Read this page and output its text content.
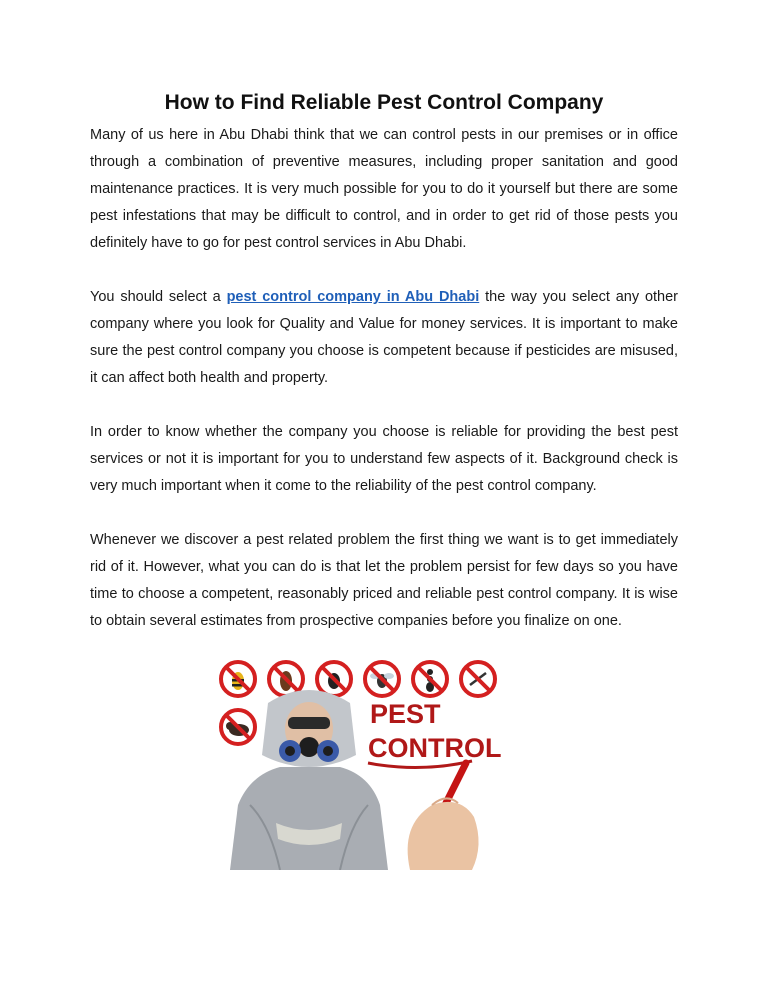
How to Find Reliable Pest Control Company

Many of us here in Abu Dhabi think that we can control pests in our premises or in office through a combination of preventive measures, including proper sanitation and good maintenance practices. It is very much possible for you to do it yourself but there are some pest infestations that may be difficult to control, and in order to get rid of those pests you definitely have to go for pest control services in Abu Dhabi.

You should select a pest control company in Abu Dhabi the way you select any other company where you look for Quality and Value for money services. It is important to make sure the pest control company you choose is competent because if pesticides are misused, it can affect both health and property.

In order to know whether the company you choose is reliable for providing the best pest services or not it is important for you to understand few aspects of it. Background check is very much important when it come to the reliability of the pest control company.

Whenever we discover a pest related problem the first thing we want is to get immediately rid of it. However, what you can do is that let the problem persist for few days so you have time to choose a competent, reasonably priced and reliable pest control company. It is wise to obtain several estimates from prospective companies before you finalize on one.

PEST
CONTROL
